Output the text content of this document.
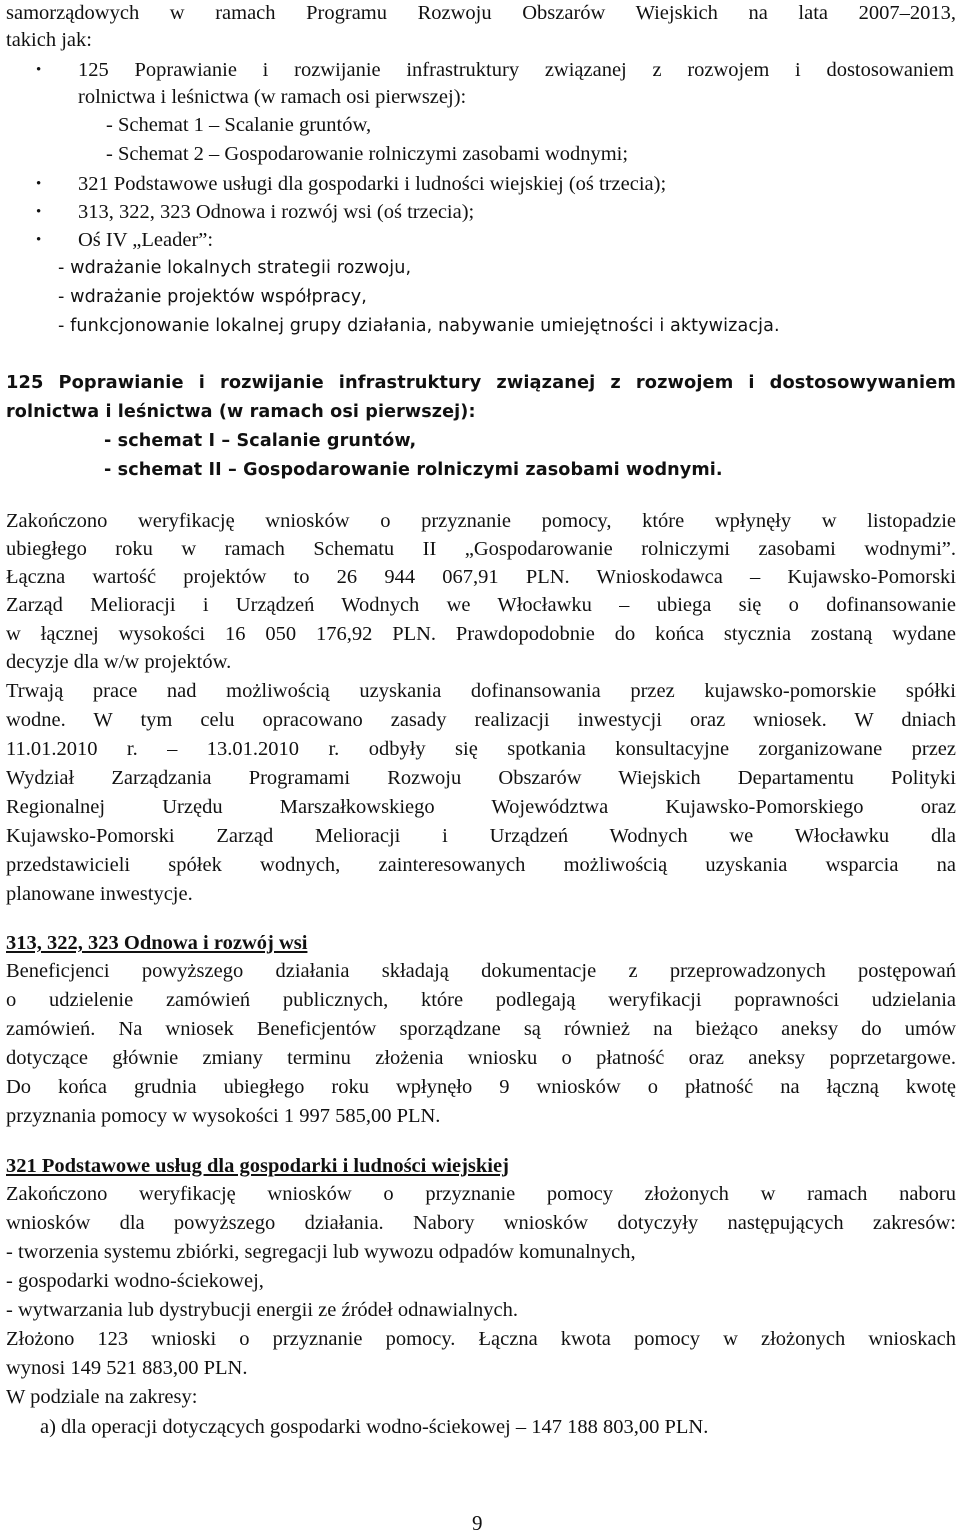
samorządowych w ramach Programu Rozwoju Obszarów Wiejskich na lata 2007–2013,
takich jak:
• 125 Poprawianie i rozwijanie infrastruktury związanej z rozwojem i dostosowaniem
rolnictwa i leśnictwa (w ramach osi pierwszej):
- Schemat 1 – Scalanie gruntów,
- Schemat 2 – Gospodarowanie rolniczymi zasobami wodnymi;
• 321 Podstawowe usługi dla gospodarki i ludności wiejskiej (oś trzecia);
• 313, 322, 323 Odnowa i rozwój wsi (oś trzecia);
• Oś IV „Leader”:
- wdrażanie lokalnych strategii rozwoju,
- wdrażanie projektów współpracy,
- funkcjonowanie lokalnej grupy działania, nabywanie umiejętności i aktywizacja.
125 Poprawianie i rozwijanie infrastruktury związanej z rozwojem i dostosowywaniem
rolnictwa i leśnictwa (w ramach osi pierwszej):
- schemat I – Scalanie gruntów,
- schemat II – Gospodarowanie rolniczymi zasobami wodnymi.
Zakończono weryfikację wniosków o przyznanie pomocy, które wpłynęły w listopadzie
ubiegłego roku w ramach Schematu II „Gospodarowanie rolniczymi zasobami wodnymi”.
Łączna wartość projektów to 26 944 067,91 PLN. Wnioskodawca – Kujawsko-Pomorski
Zarząd Melioracji i Urządzeń Wodnych we Włocławku – ubiega się o dofinansowanie
w łącznej wysokości 16 050 176,92 PLN. Prawdopodobnie do końca stycznia zostaną wydane
decyzje dla w/w projektów.
Trwają prace nad możliwością uzyskania dofinansowania przez kujawsko-pomorskie spółki
wodne. W tym celu opracowano zasady realizacji inwestycji oraz wniosek. W dniach
11.01.2010 r. – 13.01.2010 r. odbyły się spotkania konsultacyjne zorganizowane przez
Wydział Zarządzania Programami Rozwoju Obszarów Wiejskich Departamentu Polityki
Regionalnej Urzędu Marszałkowskiego Województwa Kujawsko-Pomorskiego oraz
Kujawsko-Pomorski Zarząd Melioracji i Urządzeń Wodnych we Włocławku dla
przedstawicieli spółek wodnych, zainteresowanych możliwością uzyskania wsparcia na
planowane inwestycje.
313, 322, 323 Odnowa i rozwój wsi
Beneficjenci powyższego działania składają dokumentacje z przeprowadzonych postępowań
o udzielenie zamówień publicznych, które podlegają weryfikacji poprawności udzielania
zamówień. Na wniosek Beneficjentów sporządzane są również na bieżąco aneksy do umów
dotyczące głównie zmiany terminu złożenia wniosku o płatność oraz aneksy poprzetargowe.
Do końca grudnia ubiegłego roku wpłynęło 9 wniosków o płatność na łączną kwotę
przyznania pomocy w wysokości 1 997 585,00 PLN.
321 Podstawowe usług dla gospodarki i ludności wiejskiej
Zakończono weryfikację wniosków o przyznanie pomocy złożonych w ramach naboru
wniosków dla powyższego działania. Nabory wniosków dotyczyły następujących zakresów:
- tworzenia systemu zbiórki, segregacji lub wywozu odpadów komunalnych,
- gospodarki wodno-ściekowej,
- wytwarzania lub dystrybucji energii ze źródeł odnawialnych.
Złożono 123 wnioski o przyznanie pomocy. Łączna kwota pomocy w złożonych wnioskach
wynosi 149 521 883,00 PLN.
W podziale na zakresy:
a) dla operacji dotyczących gospodarki wodno-ściekowej – 147 188 803,00 PLN.
9
